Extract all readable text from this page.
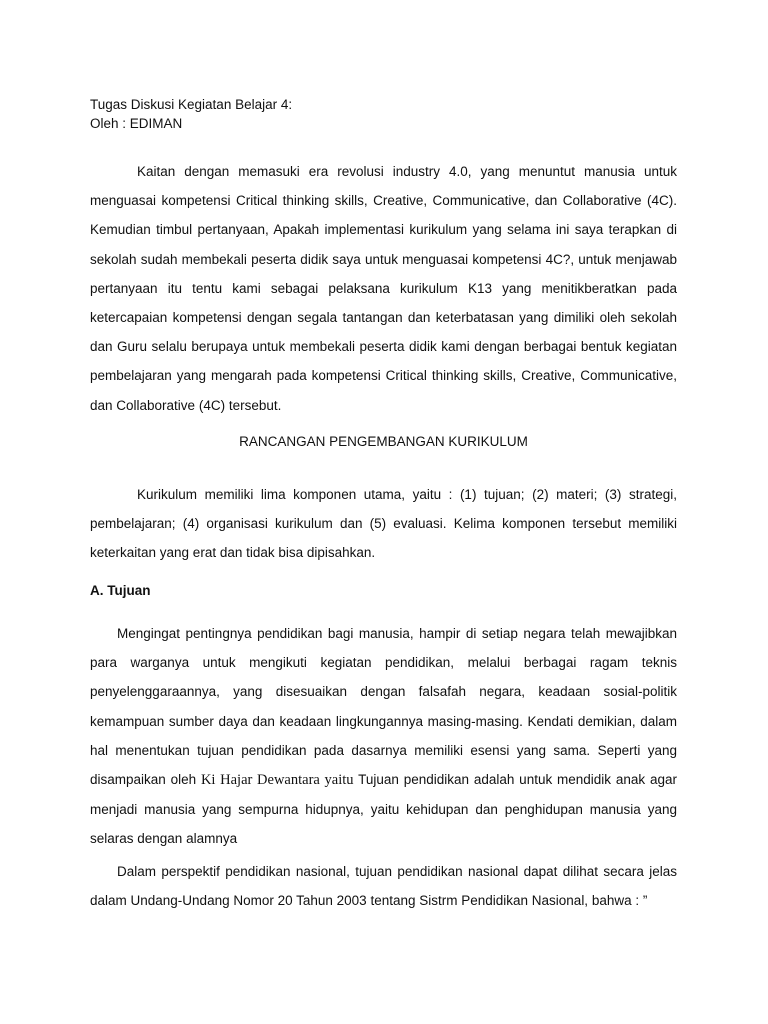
Tugas Diskusi Kegiatan Belajar 4:
Oleh : EDIMAN

Kaitan dengan memasuki era revolusi industry 4.0, yang menuntut manusia untuk menguasai kompetensi Critical thinking skills, Creative, Communicative, dan Collaborative (4C). Kemudian timbul pertanyaan, Apakah implementasi kurikulum yang selama ini saya terapkan di sekolah sudah membekali peserta didik saya untuk menguasai kompetensi 4C?, untuk menjawab pertanyaan itu tentu kami sebagai pelaksana kurikulum K13 yang menitikberatkan pada ketercapaian kompetensi dengan segala tantangan dan keterbatasan yang dimiliki oleh sekolah dan Guru selalu berupaya untuk membekali peserta didik kami dengan berbagai bentuk kegiatan pembelajaran yang mengarah pada kompetensi Critical thinking skills, Creative, Communicative, dan Collaborative (4C) tersebut.

RANCANGAN PENGEMBANGAN KURIKULUM

Kurikulum memiliki lima komponen utama, yaitu : (1) tujuan; (2) materi; (3) strategi, pembelajaran; (4) organisasi kurikulum dan (5) evaluasi. Kelima komponen tersebut memiliki keterkaitan yang erat dan tidak bisa dipisahkan.

A. Tujuan

Mengingat pentingnya pendidikan bagi manusia, hampir di setiap negara telah mewajibkan para warganya untuk mengikuti kegiatan pendidikan, melalui berbagai ragam teknis penyelenggaraannya, yang disesuaikan dengan falsafah negara, keadaan sosial-politik kemampuan sumber daya dan keadaan lingkungannya masing-masing. Kendati demikian, dalam hal menentukan tujuan pendidikan pada dasarnya memiliki esensi yang sama. Seperti yang disampaikan oleh Ki Hajar Dewantara yaitu Tujuan pendidikan adalah untuk mendidik anak agar menjadi manusia yang sempurna hidupnya, yaitu kehidupan dan penghidupan manusia yang selaras dengan alamnya

Dalam perspektif pendidikan nasional, tujuan pendidikan nasional dapat dilihat secara jelas dalam Undang-Undang Nomor 20 Tahun 2003 tentang Sistrm Pendidikan Nasional, bahwa : ”
